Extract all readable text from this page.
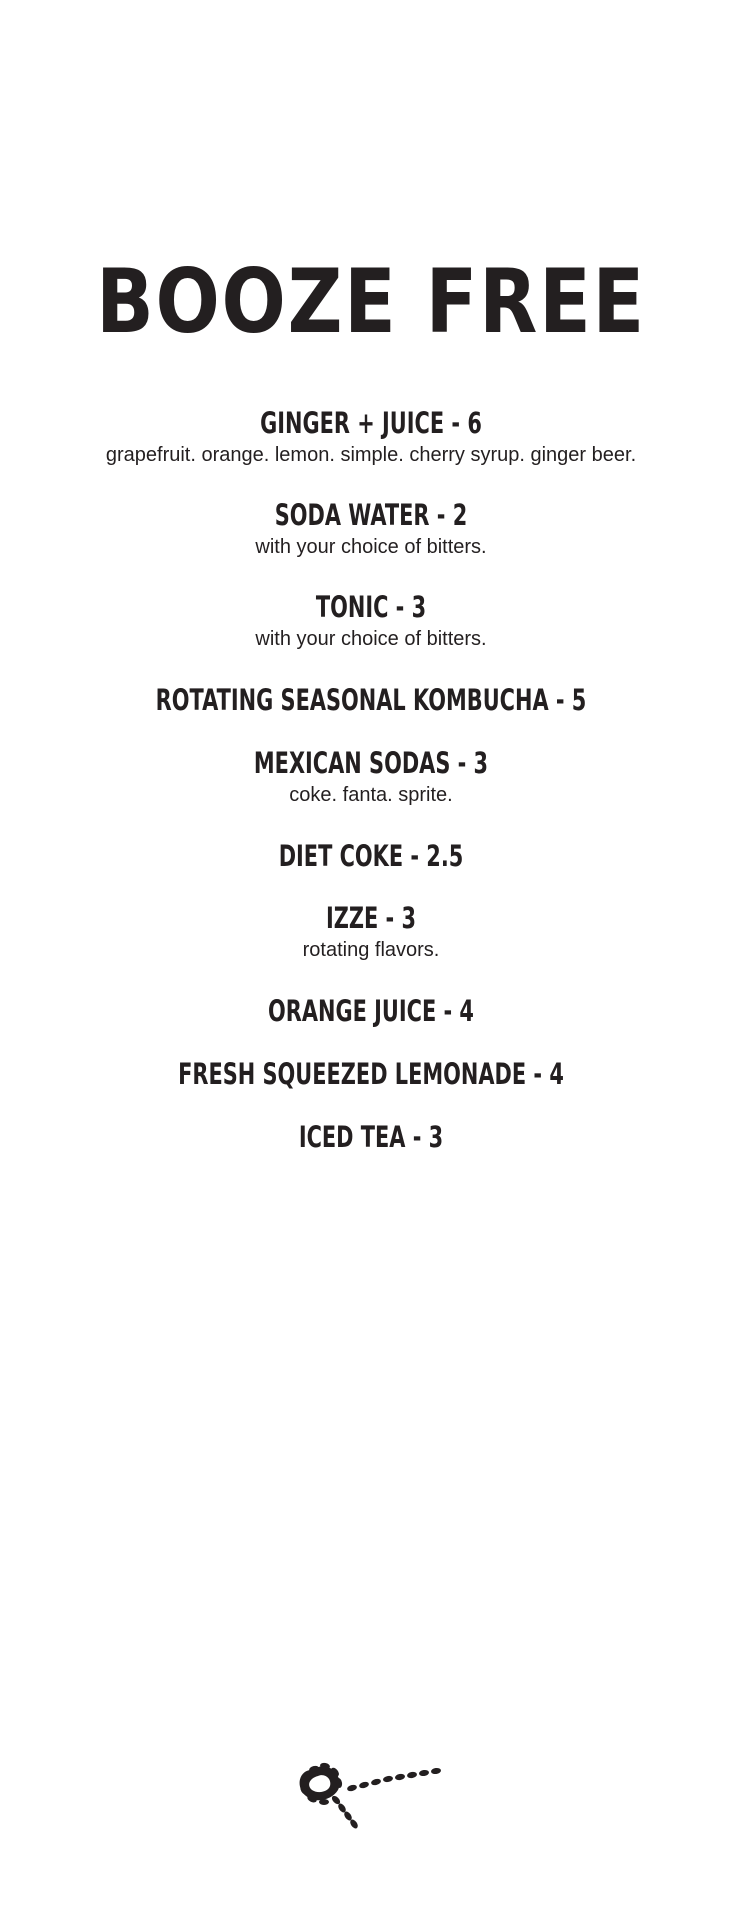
BOOZE FREE
GINGER + JUICE - 6
grapefruit. orange. lemon. simple. cherry syrup. ginger beer.
SODA WATER - 2
with your choice of bitters.
TONIC - 3
with your choice of bitters.
ROTATING SEASONAL KOMBUCHA - 5
MEXICAN SODAS - 3
coke. fanta. sprite.
DIET COKE - 2.5
IZZE - 3
rotating flavors.
ORANGE JUICE - 4
FRESH SQUEEZED LEMONADE - 4
ICED TEA - 3
